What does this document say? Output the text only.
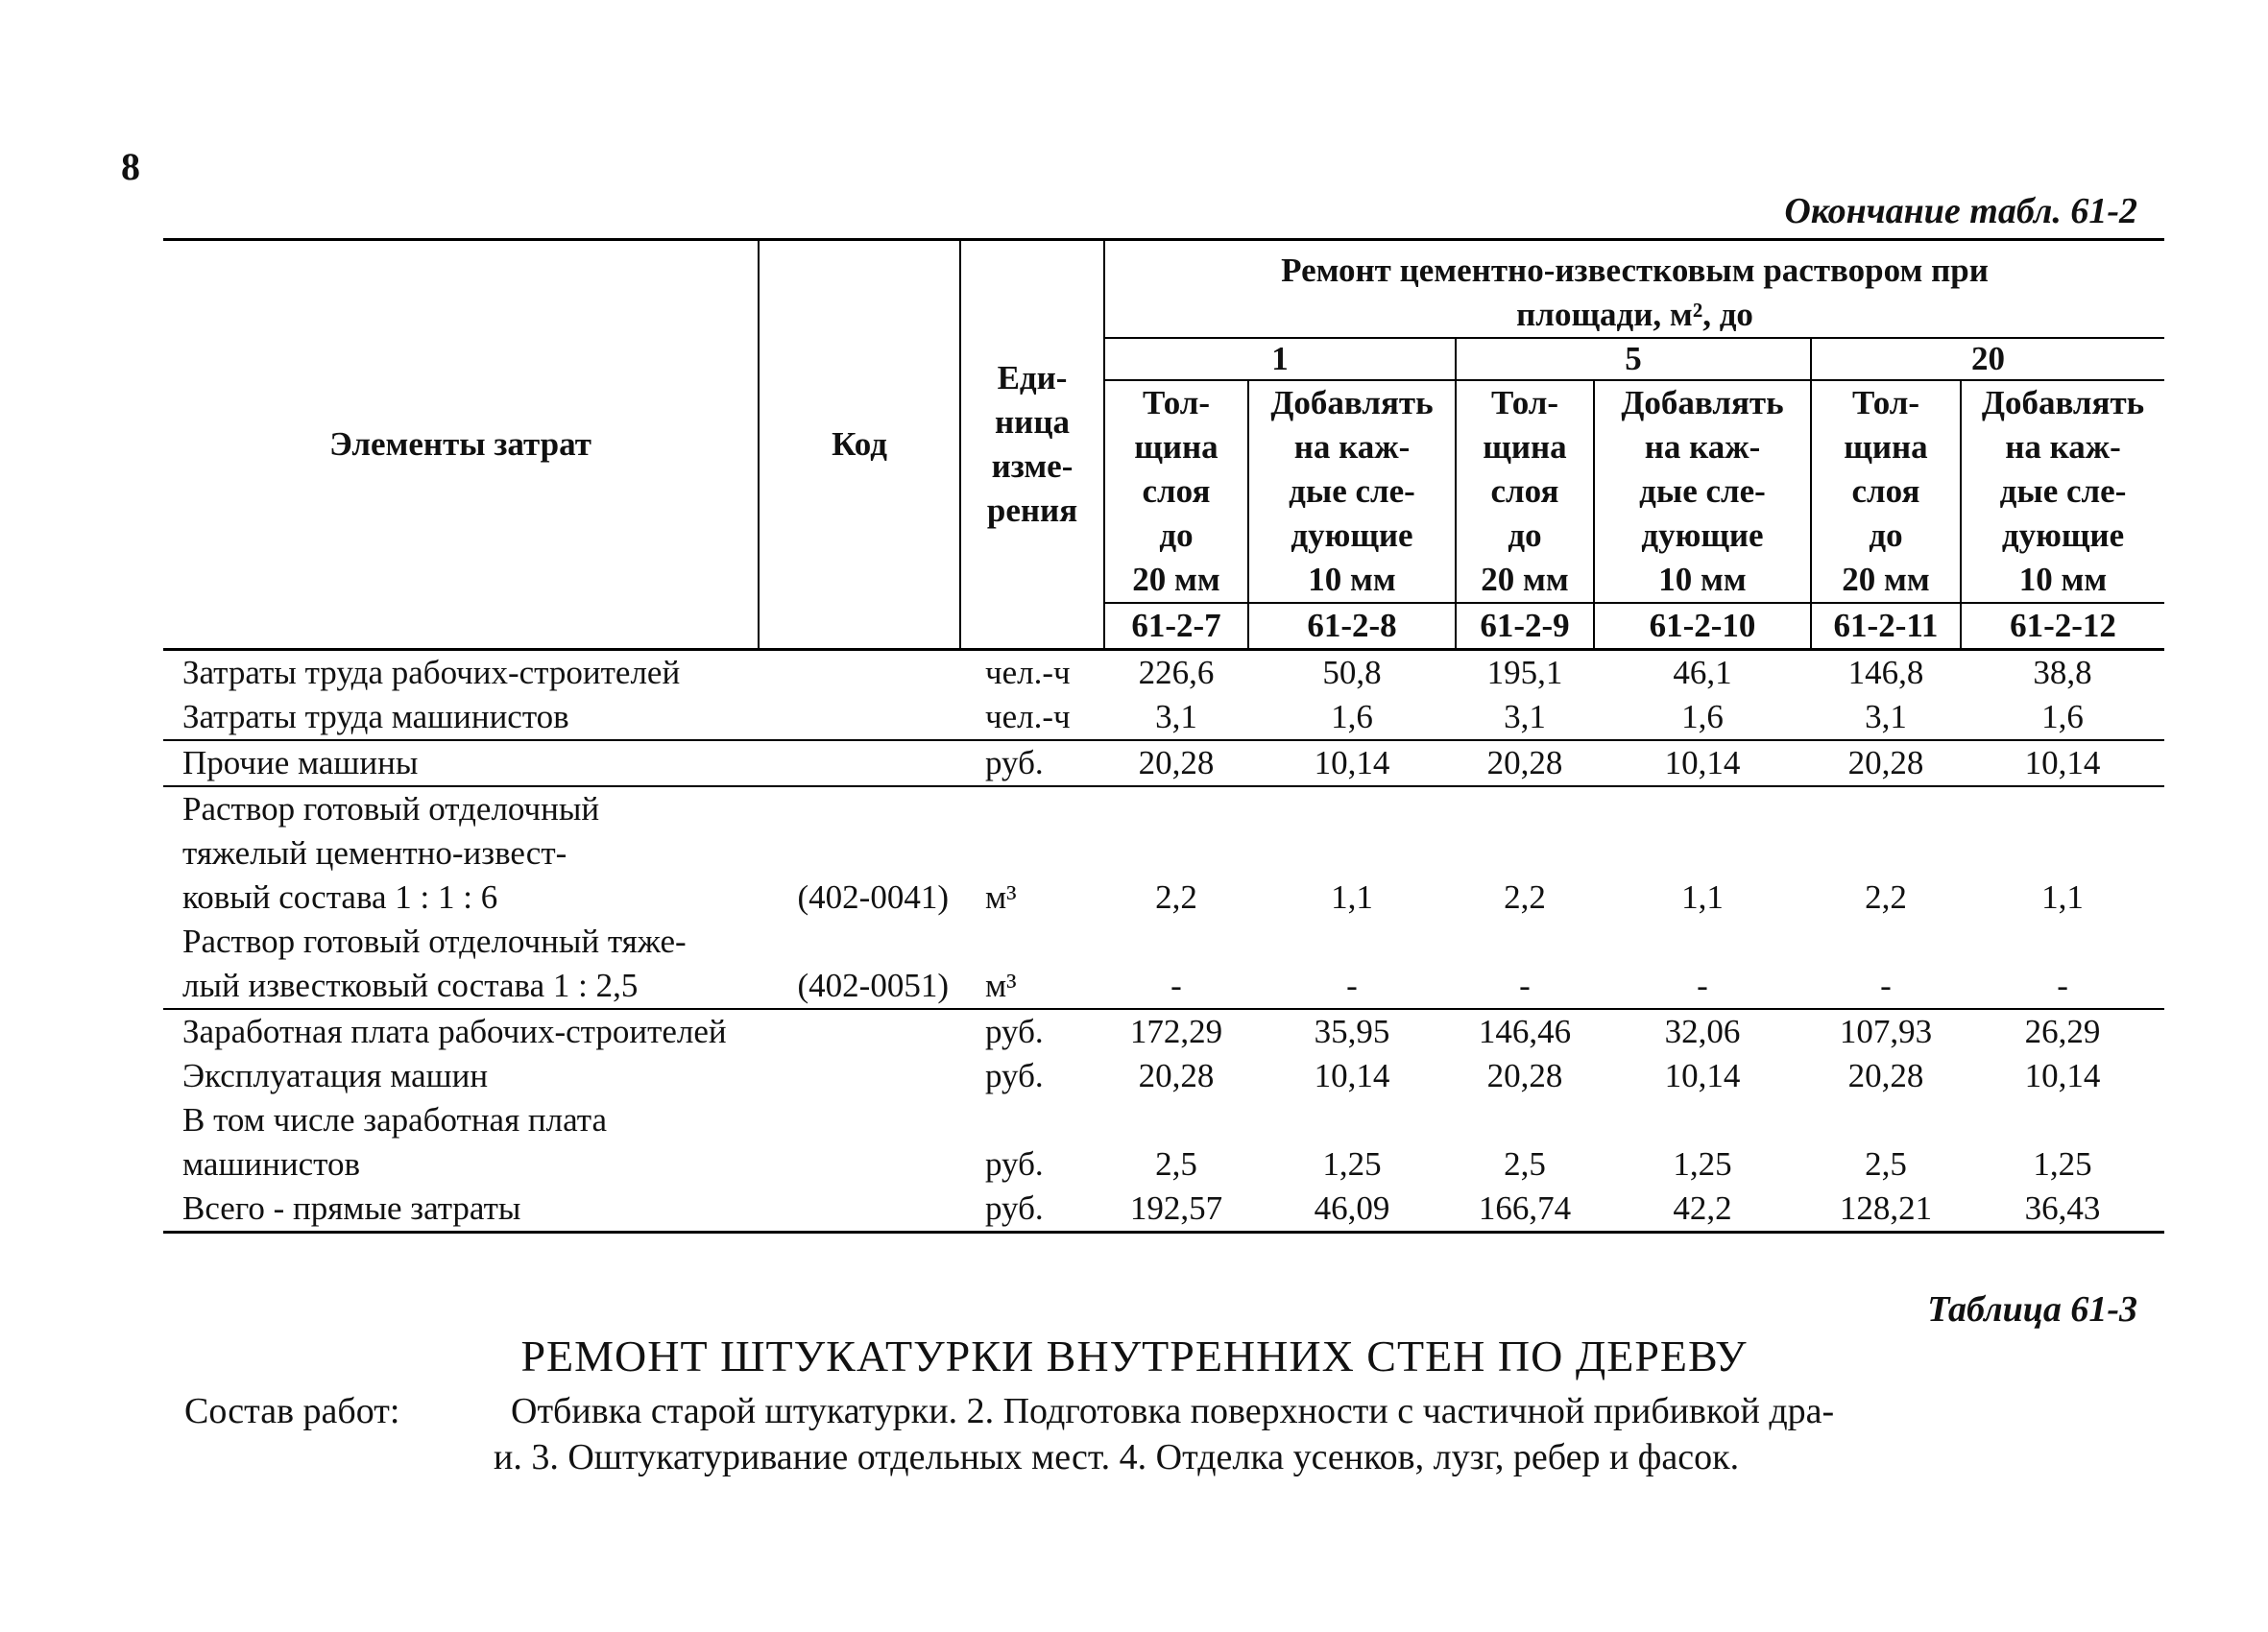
8
Окончание табл. 61-2
Элементы затрат	Код	Еди-
ница
изме-
рения	Ремонт цементно-известковым раствором при площади, м², до					
			1		5		20	
			Тол-
щина
слоя
до
20 мм	Добавлять
на каж-
дые сле-
дующие
10 мм	Тол-
щина
слоя
до
20 мм	Добавлять
на каж-
дые сле-
дующие
10 мм	Тол-
щина
слоя
до
20 мм	Добавлять
на каж-
дые сле-
дующие
10 мм
			61-2-7	61-2-8	61-2-9	61-2-10	61-2-11	61-2-12
Затраты труда рабочих-строителей		чел.-ч	226,6	50,8	195,1	46,1	146,8	38,8
Затраты труда машинистов		чел.-ч	3,1	1,6	3,1	1,6	3,1	1,6
Прочие машины		руб.	20,28	10,14	20,28	10,14	20,28	10,14
Раствор готовый отделочный
тяжелый цементно-извест-
ковый состава 1 : 1 : 6	(402-0041)	м³	2,2	1,1	2,2	1,1	2,2	1,1
Раствор готовый отделочный тяже-
лый известковый состава 1 : 2,5	(402-0051)	м³	-	-	-	-	-	-
Заработная плата рабочих-строителей		руб.	172,29	35,95	146,46	32,06	107,93	26,29
Эксплуатация машин		руб.	20,28	10,14	20,28	10,14	20,28	10,14
В том числе заработная плата
машинистов		руб.	2,5	1,25	2,5	1,25	2,5	1,25
Всего - прямые затраты		руб.	192,57	46,09	166,74	42,2	128,21	36,43
Таблица 61-3
РЕМОНТ ШТУКАТУРКИ ВНУТРЕННИХ СТЕН ПО ДЕРЕВУ
Состав работ:	Отбивка старой штукатурки. 2. Подготовка поверхности с частичной прибивкой дра-
и. 3. Оштукатуривание отдельных мест. 4. Отделка усенков, лузг, ребер и фасок.
